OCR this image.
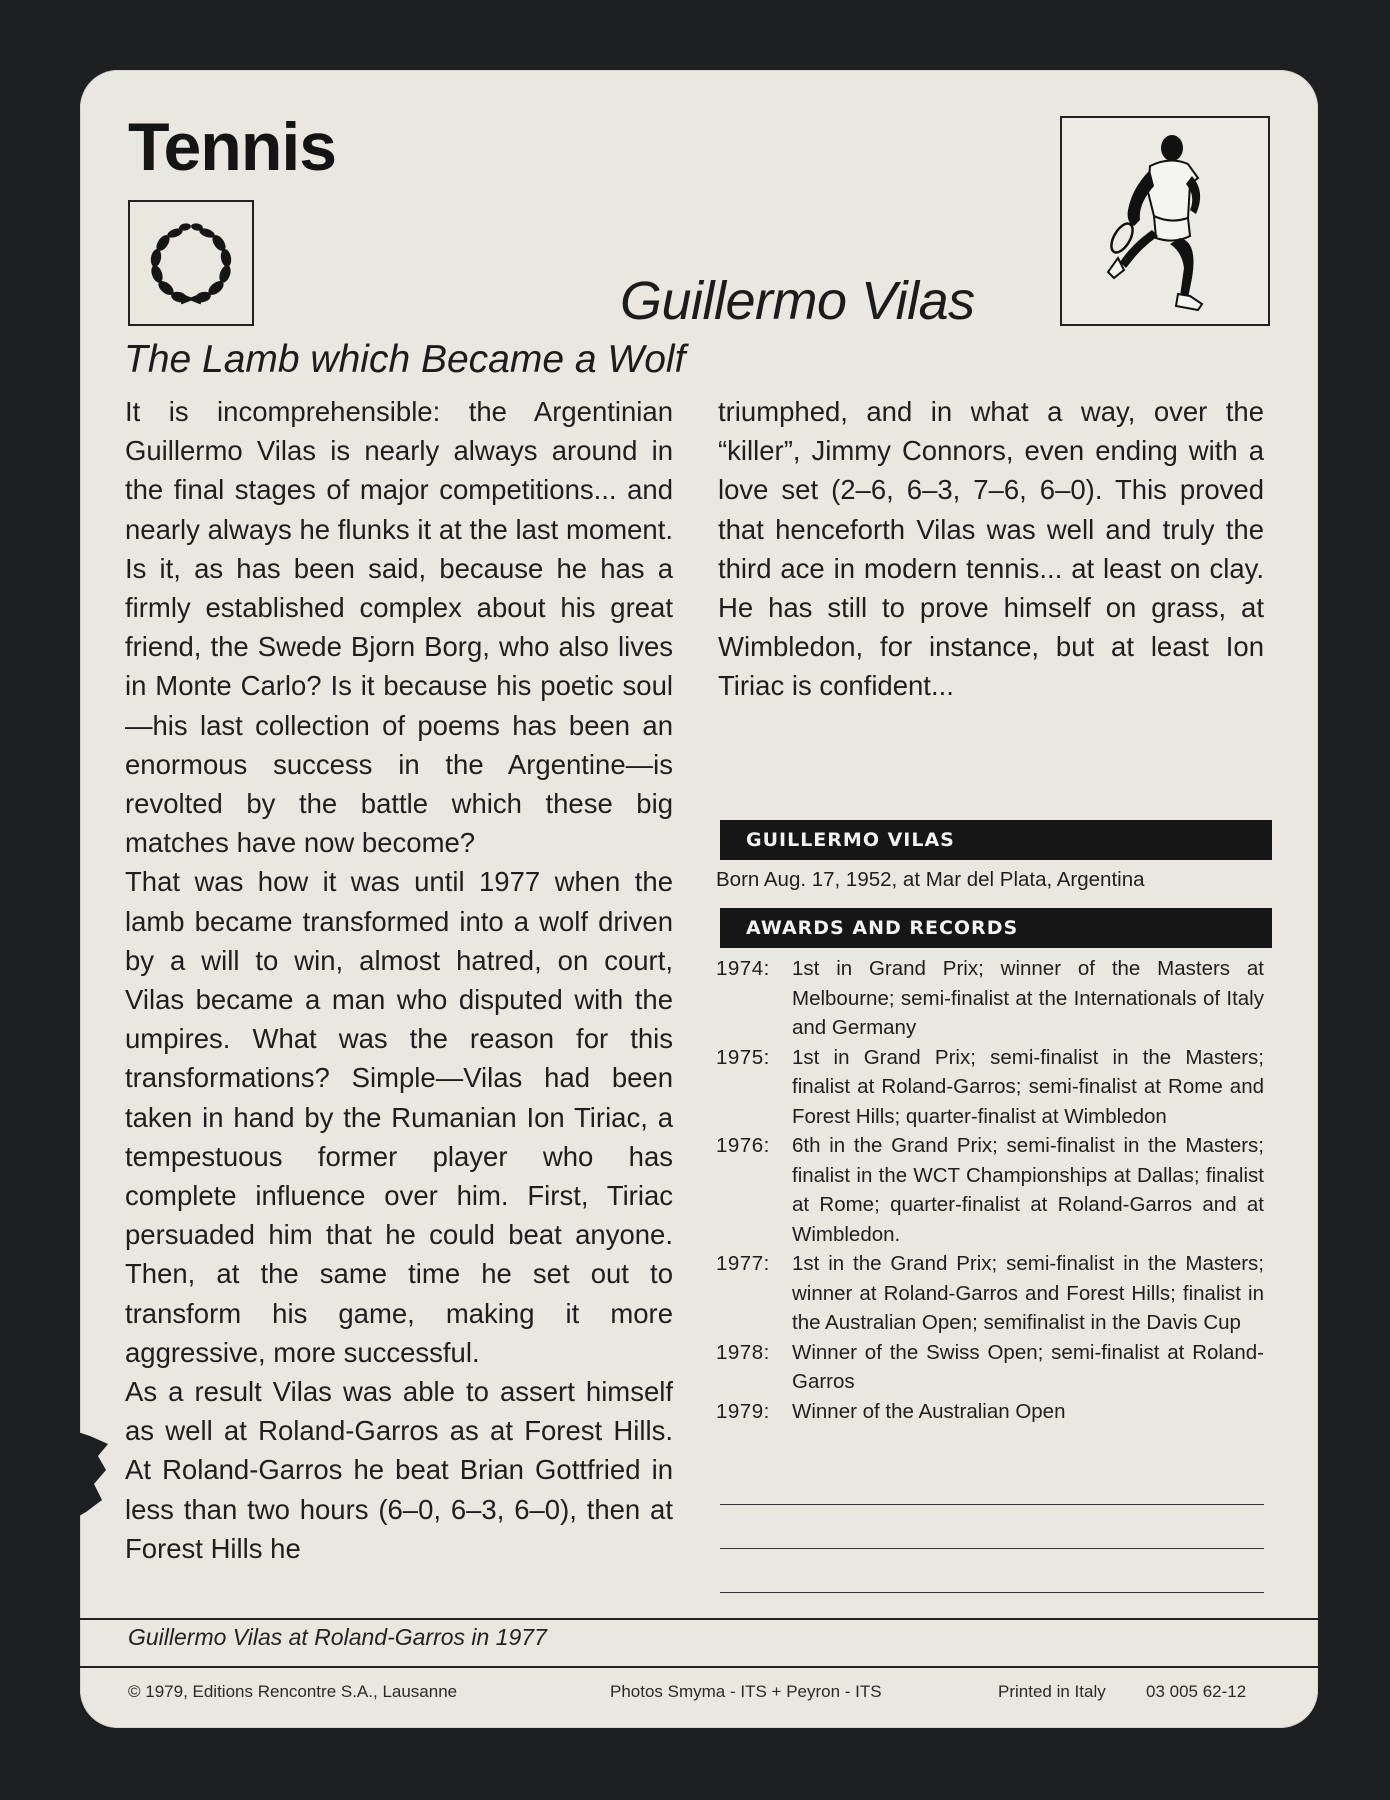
Tennis
Guillermo Vilas
The Lamb which Became a Wolf

It is incomprehensible: the Argentinian Guillermo Vilas is nearly always around in the final stages of major competitions... and nearly always he flunks it at the last moment. Is it, as has been said, because he has a firmly established complex about his great friend, the Swede Bjorn Borg, who also lives in Monte Carlo? Is it because his poetic soul—his last collection of poems has been an enormous success in the Argentine—is revolted by the battle which these big matches have now become?

That was how it was until 1977 when the lamb became transformed into a wolf driven by a will to win, almost hatred, on court, Vilas became a man who disputed with the umpires. What was the reason for this transformations? Simple—Vilas had been taken in hand by the Rumanian Ion Tiriac, a tempestuous former player who has complete influence over him. First, Tiriac persuaded him that he could beat anyone. Then, at the same time he set out to transform his game, making it more aggressive, more successful.

As a result Vilas was able to assert himself as well at Roland-Garros as at Forest Hills. At Roland-Garros he beat Brian Gottfried in less than two hours (6–0, 6–3, 6–0), then at Forest Hills he

triumphed, and in what a way, over the “killer”, Jimmy Connors, even ending with a love set (2–6, 6–3, 7–6, 6–0). This proved that henceforth Vilas was well and truly the third ace in modern tennis... at least on clay. He has still to prove himself on grass, at Wimbledon, for instance, but at least Ion Tiriac is confident...

GUILLERMO VILAS
Born Aug. 17, 1952, at Mar del Plata, Argentina
AWARDS AND RECORDS
1974:	1st in Grand Prix; winner of the Masters at Melbourne; semi-finalist at the Internationals of Italy and Germany
1975:	1st in Grand Prix; semi-finalist in the Masters; finalist at Roland-Garros; semi-finalist at Rome and Forest Hills; quarter-finalist at Wimbledon
1976:	6th in the Grand Prix; semi-finalist in the Masters; finalist in the WCT Championships at Dallas; finalist at Rome; quarter-finalist at Roland-Garros and at Wimbledon.
1977:	1st in the Grand Prix; semi-finalist in the Masters; winner at Roland-Garros and Forest Hills; finalist in the Australian Open; semifinalist in the Davis Cup
1978:	Winner of the Swiss Open; semi-finalist at Roland-Garros
1979:	Winner of the Australian Open
Guillermo Vilas at Roland-Garros in 1977
© 1979, Editions Rencontre S.A., Lausanne	Photos Smyma - ITS + Peyron - ITS	Printed in Italy 03 005 62-12
